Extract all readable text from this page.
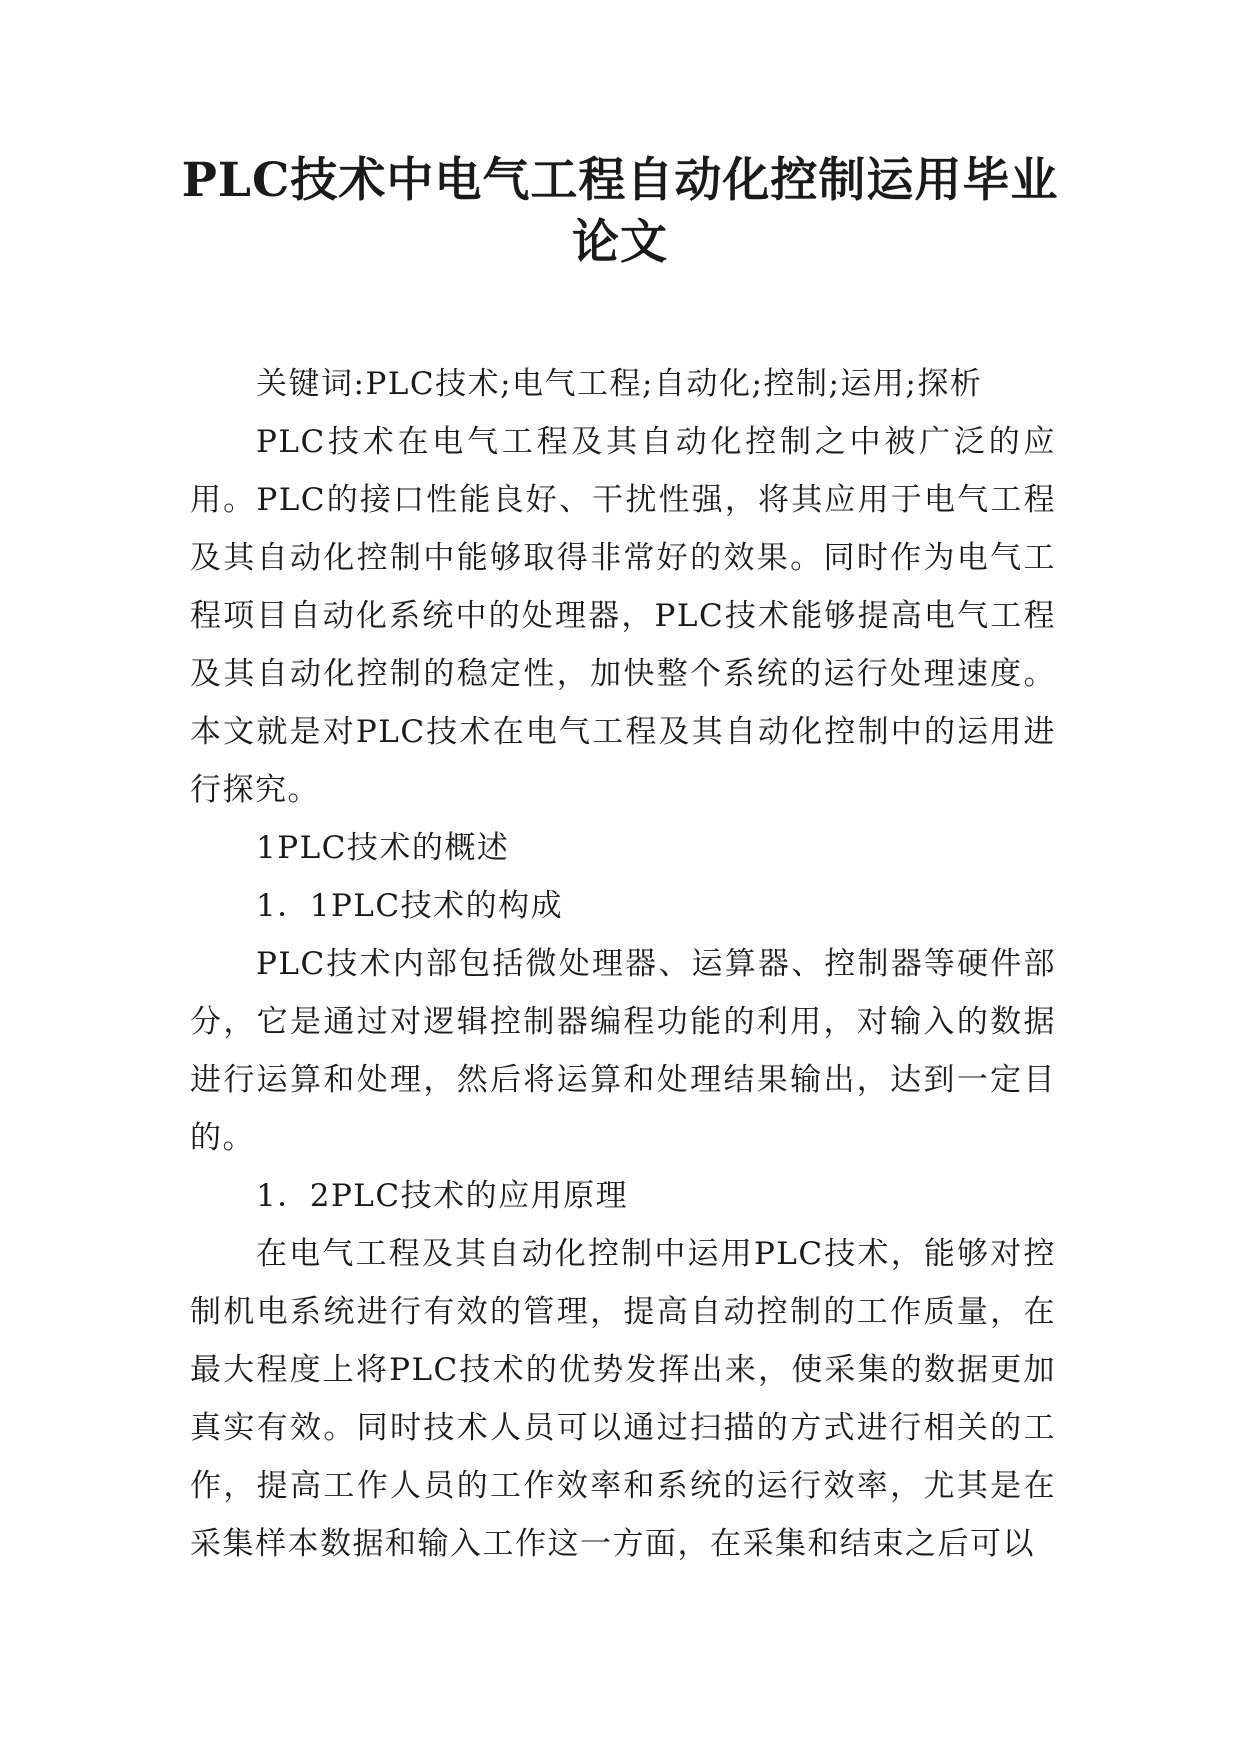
PLC技术中电气工程自动化控制运用毕业论文

关键词:PLC技术;电气工程;自动化;控制;运用;探析

PLC技术在电气工程及其自动化控制之中被广泛的应用。PLC的接口性能良好、干扰性强，将其应用于电气工程及其自动化控制中能够取得非常好的效果。同时作为电气工程项目自动化系统中的处理器，PLC技术能够提高电气工程及其自动化控制的稳定性，加快整个系统的运行处理速度。本文就是对PLC技术在电气工程及其自动化控制中的运用进行探究。

1PLC技术的概述

1．1PLC技术的构成

PLC技术内部包括微处理器、运算器、控制器等硬件部分，它是通过对逻辑控制器编程功能的利用，对输入的数据进行运算和处理，然后将运算和处理结果输出，达到一定目的。

1．2PLC技术的应用原理

在电气工程及其自动化控制中运用PLC技术，能够对控制机电系统进行有效的管理，提高自动控制的工作质量，在最大程度上将PLC技术的优势发挥出来，使采集的数据更加真实有效。同时技术人员可以通过扫描的方式进行相关的工作，提高工作人员的工作效率和系统的运行效率，尤其是在采集样本数据和输入工作这一方面，在采集和结束之后可以
